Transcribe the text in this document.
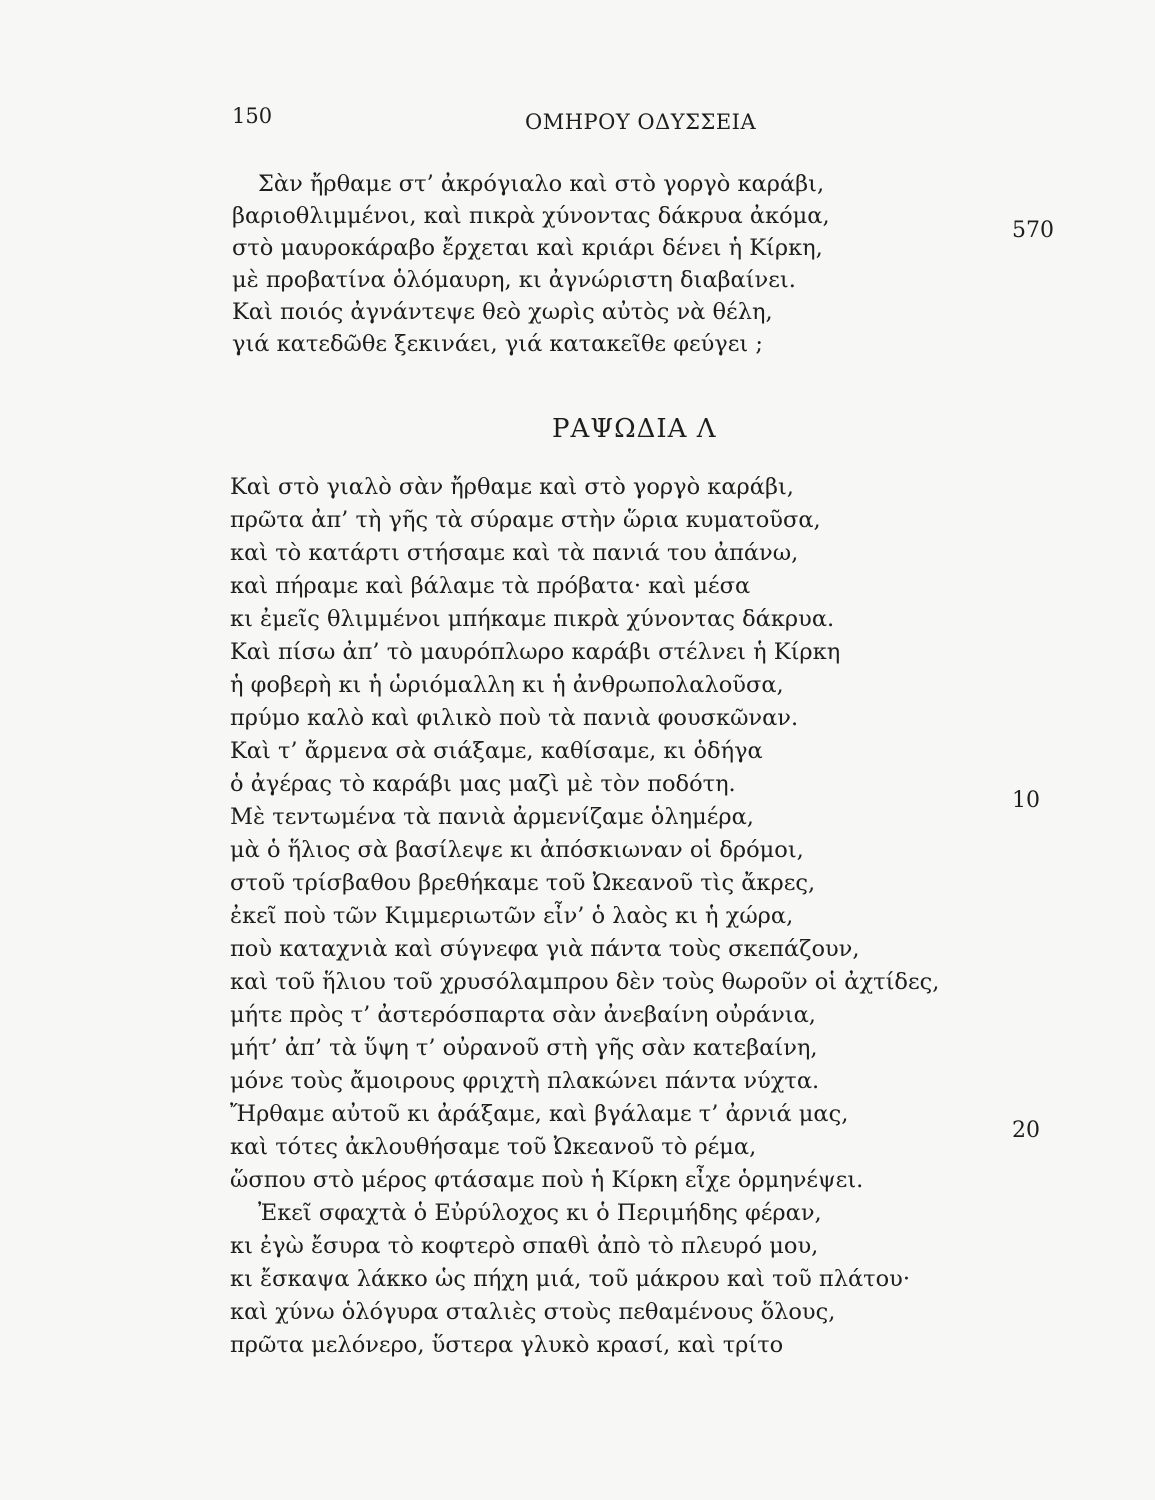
150	ΟΜΗΡΟΥ ΟΔΥΣΣΕΙΑ
Σὰν ἤρθαμε στ’ ἀκρόγιαλο καὶ στὸ γοργὸ καράβι,
βαριοθλιμμένοι, καὶ πικρὰ χύνοντας δάκρυα ἀκόμα,
στὸ μαυροκάραβο ἔρχεται καὶ κριάρι δένει ἡ Κίρκη,
μὲ προβατίνα ὁλόμαυρη, κι ἀγνώριστη διαβαίνει.
Καὶ ποιός ἀγνάντεψε θεὸ χωρὶς αὐτὸς νὰ θέλη,
γιά κατεδῶθε ξεκινάει, γιά κατακεῖθε φεύγει ;
570
ΡΑΨΩΔΙΑ Λ
Καὶ στὸ γιαλὸ σὰν ἤρθαμε καὶ στὸ γοργὸ καράβι,
πρῶτα ἀπ’ τὴ γῆς τὰ σύραμε στὴν ὥρια κυματοῦσα,
καὶ τὸ κατάρτι στήσαμε καὶ τὰ πανιά του ἀπάνω,
καὶ πήραμε καὶ βάλαμε τὰ πρόβατα· καὶ μέσα
κι ἐμεῖς θλιμμένοι μπήκαμε πικρὰ χύνοντας δάκρυα.
Καὶ πίσω ἀπ’ τὸ μαυρόπλωρο καράβι στέλνει ἡ Κίρκη
ἡ φοβερὴ κι ἡ ὡριόμαλλη κι ἡ ἀνθρωπολαλοῦσα,
πρύμο καλὸ καὶ φιλικὸ ποὺ τὰ πανιὰ φουσκῶναν.
Καὶ τ’ ἄρμενα σὰ σιάξαμε, καθίσαμε, κι ὁδήγα
ὁ ἀγέρας τὸ καράβι μας μαζὶ μὲ τὸν ποδότη.
Μὲ τεντωμένα τὰ πανιὰ ἀρμενίζαμε ὁλημέρα,
μὰ ὁ ἥλιος σὰ βασίλεψε κι ἀπόσκιωναν οἱ δρόμοι,
στοῦ τρίσβαθου βρεθήκαμε τοῦ Ὠκεανοῦ τὶς ἄκρες,
ἐκεῖ ποὺ τῶν Κιμμεριωτῶν εἶν’ ὁ λαὸς κι ἡ χώρα,
ποὺ καταχνιὰ καὶ σύγνεφα γιὰ πάντα τοὺς σκεπάζουν,
καὶ τοῦ ἥλιου τοῦ χρυσόλαμπρου δὲν τοὺς θωροῦν οἱ ἀχτίδες,
μήτε πρὸς τ’ ἀστερόσπαρτα σὰν ἀνεβαίνη οὐράνια,
μήτ’ ἀπ’ τὰ ὕψη τ’ οὐρανοῦ στὴ γῆς σὰν κατεβαίνη,
μόνε τοὺς ἄμοιρους φριχτὴ πλακώνει πάντα νύχτα.
Ἤρθαμε αὐτοῦ κι ἀράξαμε, καὶ βγάλαμε τ’ ἀρνιά μας,
καὶ τότες ἀκλουθήσαμε τοῦ Ὠκεανοῦ τὸ ρέμα,
ὥσπου στὸ μέρος φτάσαμε ποὺ ἡ Κίρκη εἶχε ὁρμηνέψει.
Ἐκεῖ σφαχτὰ ὁ Εὐρύλοχος κι ὁ Περιμήδης φέραν,
κι ἐγὼ ἔσυρα τὸ κοφτερὸ σπαθὶ ἀπὸ τὸ πλευρό μου,
κι ἔσκαψα λάκκο ὡς πήχη μιά, τοῦ μάκρου καὶ τοῦ πλάτου·
καὶ χύνω ὁλόγυρα σταλιὲς στοὺς πεθαμένους ὅλους,
πρῶτα μελόνερο, ὕστερα γλυκὸ κρασί, καὶ τρίτο
10
20
